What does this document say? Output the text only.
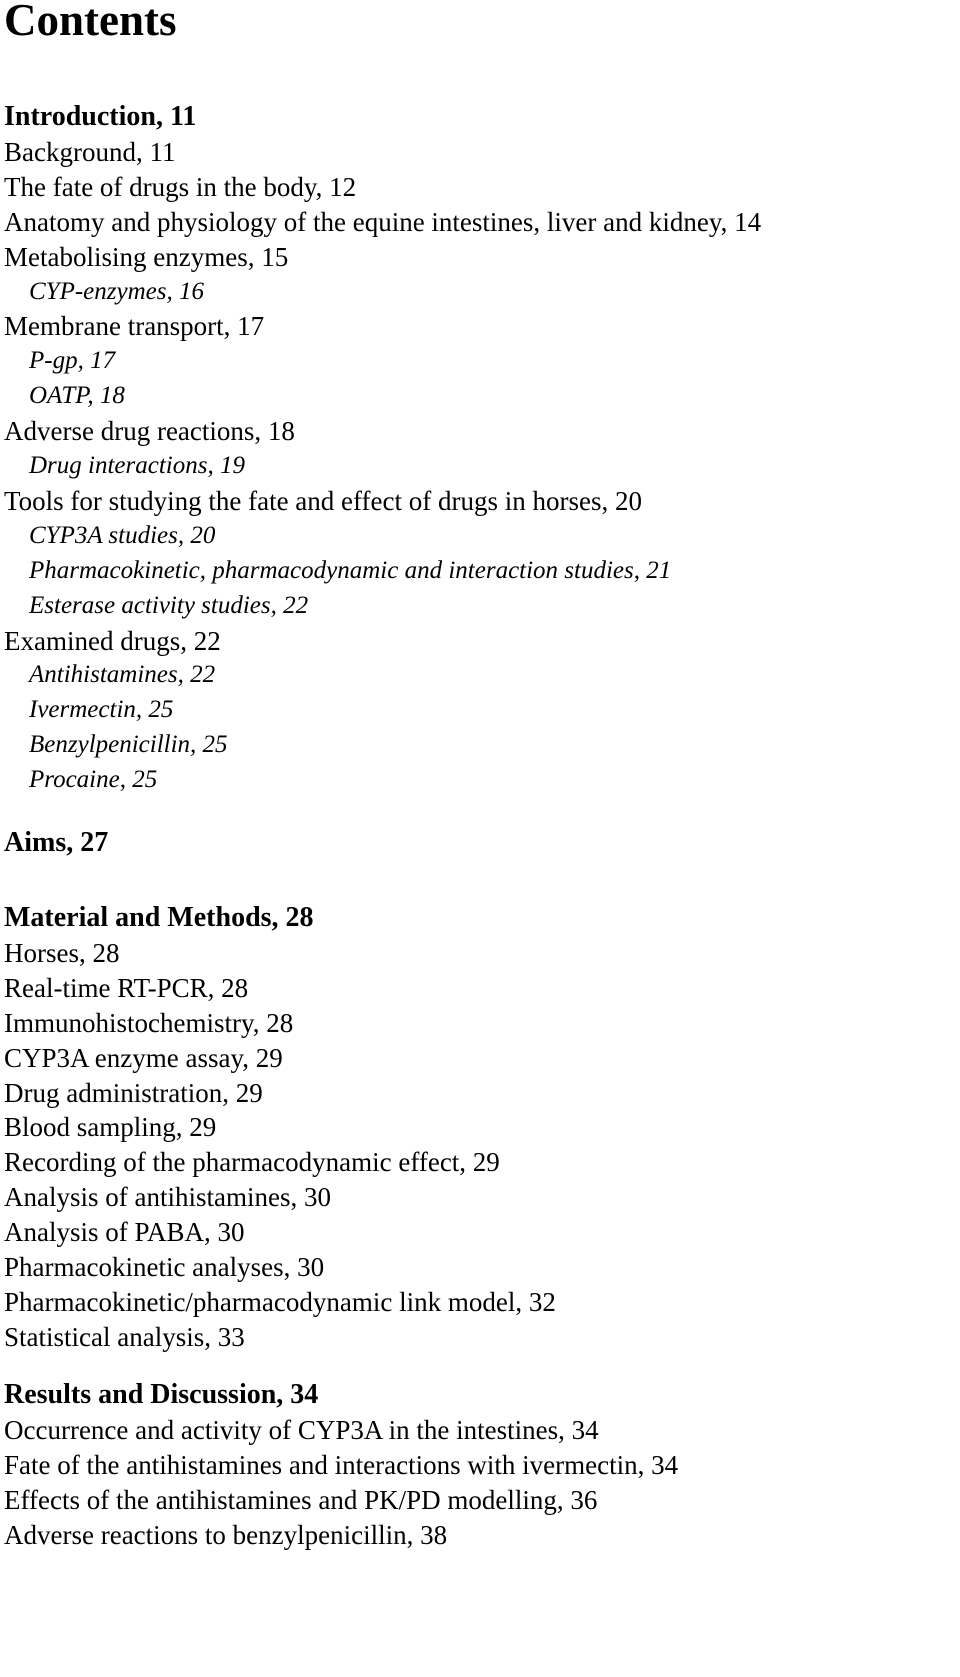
Contents
Introduction, 11
Background, 11
The fate of drugs in the body, 12
Anatomy and physiology of the equine intestines, liver and kidney, 14
Metabolising enzymes, 15
CYP-enzymes, 16
Membrane transport, 17
P-gp, 17
OATP, 18
Adverse drug reactions, 18
Drug interactions, 19
Tools for studying the fate and effect of drugs in horses, 20
CYP3A studies, 20
Pharmacokinetic, pharmacodynamic and interaction studies, 21
Esterase activity studies, 22
Examined drugs, 22
Antihistamines, 22
Ivermectin, 25
Benzylpenicillin, 25
Procaine, 25
Aims, 27
Material and Methods, 28
Horses, 28
Real-time RT-PCR, 28
Immunohistochemistry, 28
CYP3A enzyme assay, 29
Drug administration, 29
Blood sampling, 29
Recording of the pharmacodynamic effect, 29
Analysis of antihistamines, 30
Analysis of PABA, 30
Pharmacokinetic analyses, 30
Pharmacokinetic/pharmacodynamic link model, 32
Statistical analysis, 33
Results and Discussion, 34
Occurrence and activity of CYP3A in the intestines, 34
Fate of the antihistamines and interactions with ivermectin, 34
Effects of the antihistamines and PK/PD modelling, 36
Adverse reactions to benzylpenicillin, 38
